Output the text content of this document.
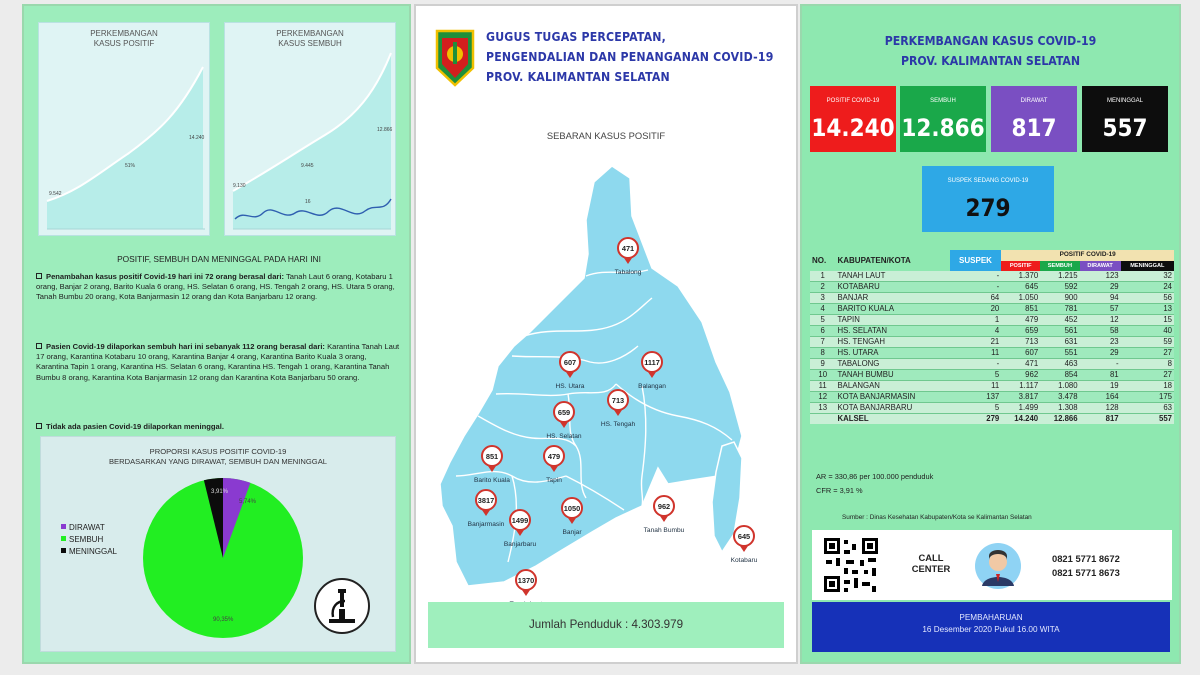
PERKEMBANGAN
KASUS POSITIF
9.542
51%
14.240
PERKEMBANGAN
KASUS SEMBUH
9.130
9.445
12.866
16
POSITIF, SEMBUH DAN MENINGGAL PADA HARI INI
Penambahan kasus positif Covid-19 hari ini 72 orang berasal dari: Tanah Laut 6 orang, Kotabaru 1 orang, Banjar 2 orang, Barito Kuala 6 orang, HS. Selatan 6 orang, HS. Tengah 2 orang, HS. Utara 5 orang, Tanah Bumbu 20 orang, Kota Banjarmasin 12 orang dan Kota Banjarbaru 12 orang.
Pasien Covid-19 dilaporkan sembuh hari ini sebanyak 112 orang berasal dari: Karantina Tanah Laut 17 orang, Karantina Kotabaru 10 orang, Karantina Banjar 4 orang, Karantina Barito Kuala 3 orang, Karantina Tapin 1 orang, Karantina HS. Selatan 6 orang, Karantina HS. Tengah 1 orang, Karantina Tanah Bumbu 8 orang, Karantina Kota Banjarmasin 12 orang dan Karantina Kota Banjarbaru 50 orang.
Tidak ada pasien Covid-19 dilaporkan meninggal.
PROPORSI KASUS POSITIF COVID-19
BERDASARKAN YANG DIRAWAT, SEMBUH DAN MENINGGAL
3,91%
5,74%
90,35%
DIRAWAT
SEMBUH
MENINGGAL
GUGUS TUGAS PERCEPATAN,
PENGENDALIAN DAN PENANGANAN COVID-19
PROV. KALIMANTAN SELATAN
SEBARAN KASUS POSITIF
471
Tabalong
607
HS. Utara
1117
Balangan
713
HS. Tengah
659
HS. Selatan
851
Barito Kuala
479
Tapin
3817
Banjarmasin 1499
Banjarbaru
1050
Banjar
962
Tanah Bumbu
645
Kotabaru
1370
Jumlah Penduduk : 4.303.979
PERKEMBANGAN KASUS COVID-19
PROV. KALIMANTAN SELATAN
POSITIF COVID-19
14.240
SEMBUH
12.866
DIRAWAT
817
MENINGGAL
557
SUSPEK SEDANG COVID-19
279
NO.	KABUPATEN/KOTA	SUSPEK	POSITIF COVID-19			
			POSITIF	SEMBUH	DIRAWAT	MENINGGAL
1	TANAH LAUT	-	1.370	1.215	123	32
2	KOTABARU	-	645	592	29	24
3	BANJAR	64	1.050	900	94	56
4	BARITO KUALA	20	851	781	57	13
5	TAPIN	1	479	452	12	15
6	HS. SELATAN	4	659	561	58	40
7	HS. TENGAH	21	713	631	23	59
8	HS. UTARA	11	607	551	29	27
9	TABALONG	-	471	463	-	8
10	TANAH BUMBU	5	962	854	81	27
11	BALANGAN	11	1.117	1.080	19	18
12	KOTA BANJARMASIN	137	3.817	3.478	164	175
13	KOTA BANJARBARU	5	1.499	1.308	128	63
	KALSEL	279	14.240	12.866	817	557
AR = 330,86 per 100.000 penduduk
CFR = 3,91 %
Sumber : Dinas Kesehatan Kabupaten/Kota se Kalimantan Selatan
CALL
CENTER
0821 5771 8672
0821 5771 8673
PEMBAHARUAN
16 Desember 2020 Pukul 16.00 WITA
